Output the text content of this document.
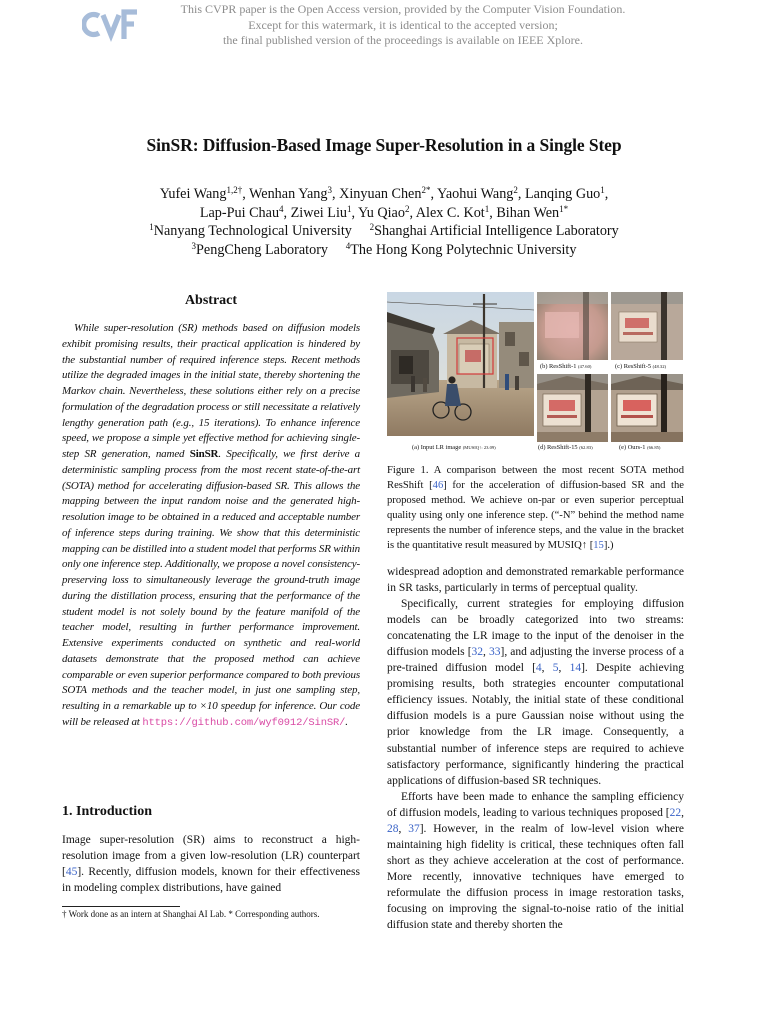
This CVPR paper is the Open Access version, provided by the Computer Vision Foundation.
Except for this watermark, it is identical to the accepted version;
the final published version of the proceedings is available on IEEE Xplore.
SinSR: Diffusion-Based Image Super-Resolution in a Single Step
Yufei Wang$^{1,2\dagger}$, Wenhan Yang$^3$, Xinyuan Chen$^{2*}$, Yaohui Wang$^2$, Lanqing Guo$^1$,
Lap-Pui Chau$^4$, Ziwei Liu$^1$, Yu Qiao$^2$, Alex C. Kot$^1$, Bihan Wen$^{1*}$
$^1$Nanyang Technological University $^2$Shanghai Artificial Intelligence Laboratory
$^3$PengCheng Laboratory $^4$The Hong Kong Polytechnic University
Abstract
While super-resolution (SR) methods based on diffusion models exhibit promising results, their practical application is hindered by the substantial number of required inference steps. Recent methods utilize the degraded images in the initial state, thereby shortening the Markov chain. Nevertheless, these solutions either rely on a precise formulation of the degradation process or still necessitate a relatively lengthy generation path (e.g., 15 iterations). To enhance inference speed, we propose a simple yet effective method for achieving single-step SR generation, named SinSR. Specifically, we first derive a deterministic sampling process from the most recent state-of-the-art (SOTA) method for accelerating diffusion-based SR. This allows the mapping between the input random noise and the generated high-resolution image to be obtained in a reduced and acceptable number of inference steps during training. We show that this deterministic mapping can be distilled into a student model that performs SR within only one inference step. Additionally, we propose a novel consistency-preserving loss to simultaneously leverage the ground-truth image during the distillation process, ensuring that the performance of the student model is not solely bound by the feature manifold of the teacher model, resulting in further performance improvement. Extensive experiments conducted on synthetic and real-world datasets demonstrate that the proposed method can achieve comparable or even superior performance compared to both previous SOTA methods and the teacher model, in just one sampling step, resulting in a remarkable up to ×10 speedup for inference. Our code will be released at https://github.com/wyf0912/SinSR/.
1. Introduction
Image super-resolution (SR) aims to reconstruct a high-resolution image from a given low-resolution (LR) counterpart [45]. Recently, diffusion models, known for their effectiveness in modeling complex distributions, have gained
† Work done as an intern at Shanghai AI Lab. * Corresponding authors.
(a) Input LR image (MUSIQ↑: 23.09)
(b) ResShift-1 (47.60)	(c) ResShift-5 (48.32)
(d) ResShift-15 (62.83)	(e) Ours-1 (66.85)
Figure 1. A comparison between the most recent SOTA method ResShift [46] for the acceleration of diffusion-based SR and the proposed method. We achieve on-par or even superior perceptual quality using only one inference step. (“-N” behind the method name represents the number of inference steps, and the value in the bracket is the quantitative result measured by MUSIQ↑ [15].)

widespread adoption and demonstrated remarkable performance in SR tasks, particularly in terms of perceptual quality.

Specifically, current strategies for employing diffusion models can be broadly categorized into two streams: concatenating the LR image to the input of the denoiser in the diffusion models [32, 33], and adjusting the inverse process of a pre-trained diffusion model [4, 5, 14]. Despite achieving promising results, both strategies encounter computational efficiency issues. Notably, the initial state of these conditional diffusion models is a pure Gaussian noise without using the prior knowledge from the LR image. Consequently, a substantial number of inference steps are required to achieve satisfactory performance, significantly hindering the practical applications of diffusion-based SR techniques.

Efforts have been made to enhance the sampling efficiency of diffusion models, leading to various techniques proposed [22, 28, 37]. However, in the realm of low-level vision where maintaining high fidelity is critical, these techniques often fall short as they achieve acceleration at the cost of performance. More recently, innovative techniques have emerged to reformulate the diffusion process in image restoration tasks, focusing on improving the signal-to-noise ratio of the initial diffusion state and thereby shorten the
